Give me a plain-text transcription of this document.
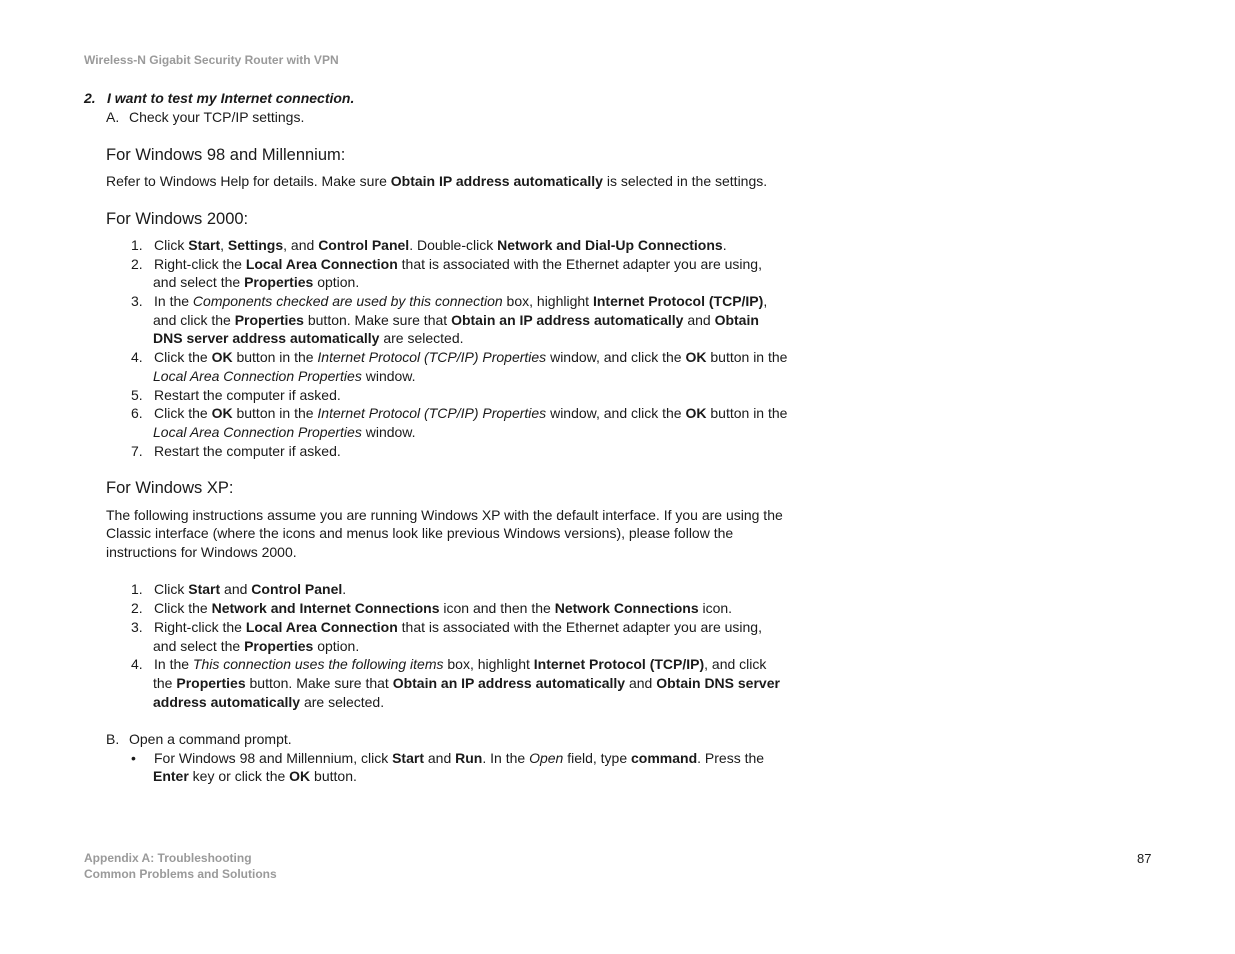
Wireless-N Gigabit Security Router with VPN
2. I want to test my Internet connection.
A. Check your TCP/IP settings.
For Windows 98 and Millennium:
Refer to Windows Help for details. Make sure Obtain IP address automatically is selected in the settings.
For Windows 2000:
1. Click Start, Settings, and Control Panel. Double-click Network and Dial-Up Connections.
2. Right-click the Local Area Connection that is associated with the Ethernet adapter you are using,
and select the Properties option.
3. In the Components checked are used by this connection box, highlight Internet Protocol (TCP/IP),
and click the Properties button. Make sure that Obtain an IP address automatically and Obtain
DNS server address automatically are selected.
4. Click the OK button in the Internet Protocol (TCP/IP) Properties window, and click the OK button in the
Local Area Connection Properties window.
5. Restart the computer if asked.
6. Click the OK button in the Internet Protocol (TCP/IP) Properties window, and click the OK button in the
Local Area Connection Properties window.
7. Restart the computer if asked.
For Windows XP:
The following instructions assume you are running Windows XP with the default interface. If you are using the
Classic interface (where the icons and menus look like previous Windows versions), please follow the
instructions for Windows 2000.
1. Click Start and Control Panel.
2. Click the Network and Internet Connections icon and then the Network Connections icon.
3. Right-click the Local Area Connection that is associated with the Ethernet adapter you are using,
and select the Properties option.
4. In the This connection uses the following items box, highlight Internet Protocol (TCP/IP), and click
the Properties button. Make sure that Obtain an IP address automatically and Obtain DNS server
address automatically are selected.
B. Open a command prompt.
• For Windows 98 and Millennium, click Start and Run. In the Open field, type command. Press the
Enter key or click the OK button.
Appendix A: Troubleshooting
Common Problems and Solutions
87
